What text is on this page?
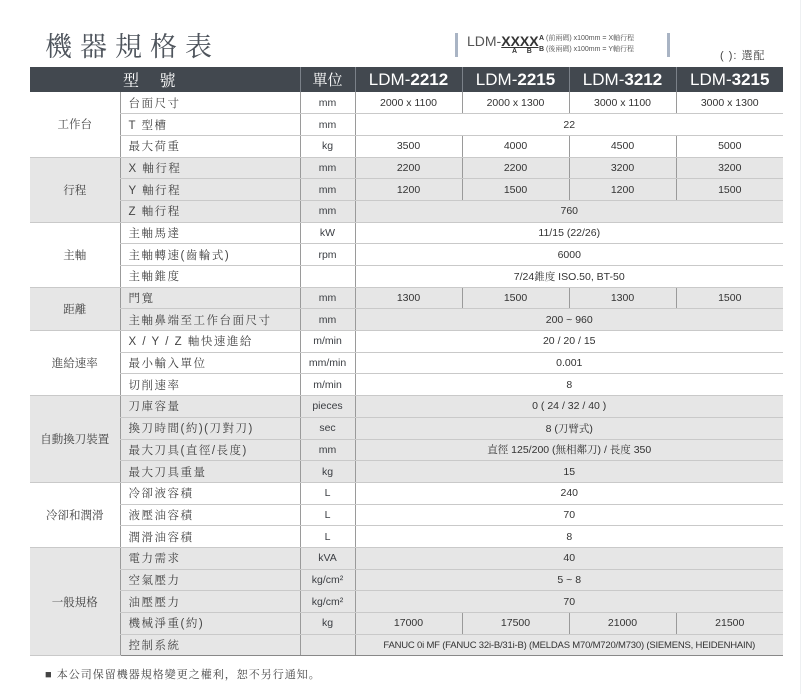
機器規格表	LDM-XXXX
A B
A (前兩碼) x100mm = X軸行程
B (後兩碼) x100mm = Y軸行程
( ): 選配
	型 號	單位	LDM-2212	LDM-2215	LDM-3212	LDM-3215
工作台	台面尺寸	mm	2000 x 1100	2000 x 1300	3000 x 1100	3000 x 1300
	T 型槽	mm	22			
	最大荷重	kg	3500	4000	4500	5000
行程	X 軸行程	mm	2200	2200	3200	3200
	Y 軸行程	mm	1200	1500	1200	1500
	Z 軸行程	mm	760			
主軸	主軸馬達	kW	11/15 (22/26)			
	主軸轉速(齒輪式)	rpm	6000			
	主軸錐度		7/24錐度 ISO.50, BT-50			
距離	門寬	mm	1300	1500	1300	1500
	主軸鼻端至工作台面尺寸	mm	200 ~ 960			
進給速率	X / Y / Z 軸快速進給	m/min	20 / 20 / 15			
	最小輸入單位	mm/min	0.001			
	切削速率	m/min	8			
自動換刀裝置	刀庫容量	pieces	0 ( 24 / 32 / 40 )			
	換刀時間(約)(刀對刀)	sec	8 (刀臂式)			
	最大刀具(直徑/長度)	mm	直徑 125/200 (無相鄰刀) / 長度 350			
	最大刀具重量	kg	15			
冷卻和潤滑	冷卻液容積	L	240			
	液壓油容積	L	70			
	潤滑油容積	L	8			
一般規格	電力需求	kVA	40			
	空氣壓力	kg/cm²	5 ~ 8			
	油壓壓力	kg/cm²	70			
	機械淨重(約)	kg	17000	17500	21000	21500
	控制系統		FANUC 0i MF (FANUC 32i-B/31i-B) (MELDAS M70/M720/M730) (SIEMENS, HEIDENHAIN)			
■ 本公司保留機器規格變更之權利，恕不另行通知。
